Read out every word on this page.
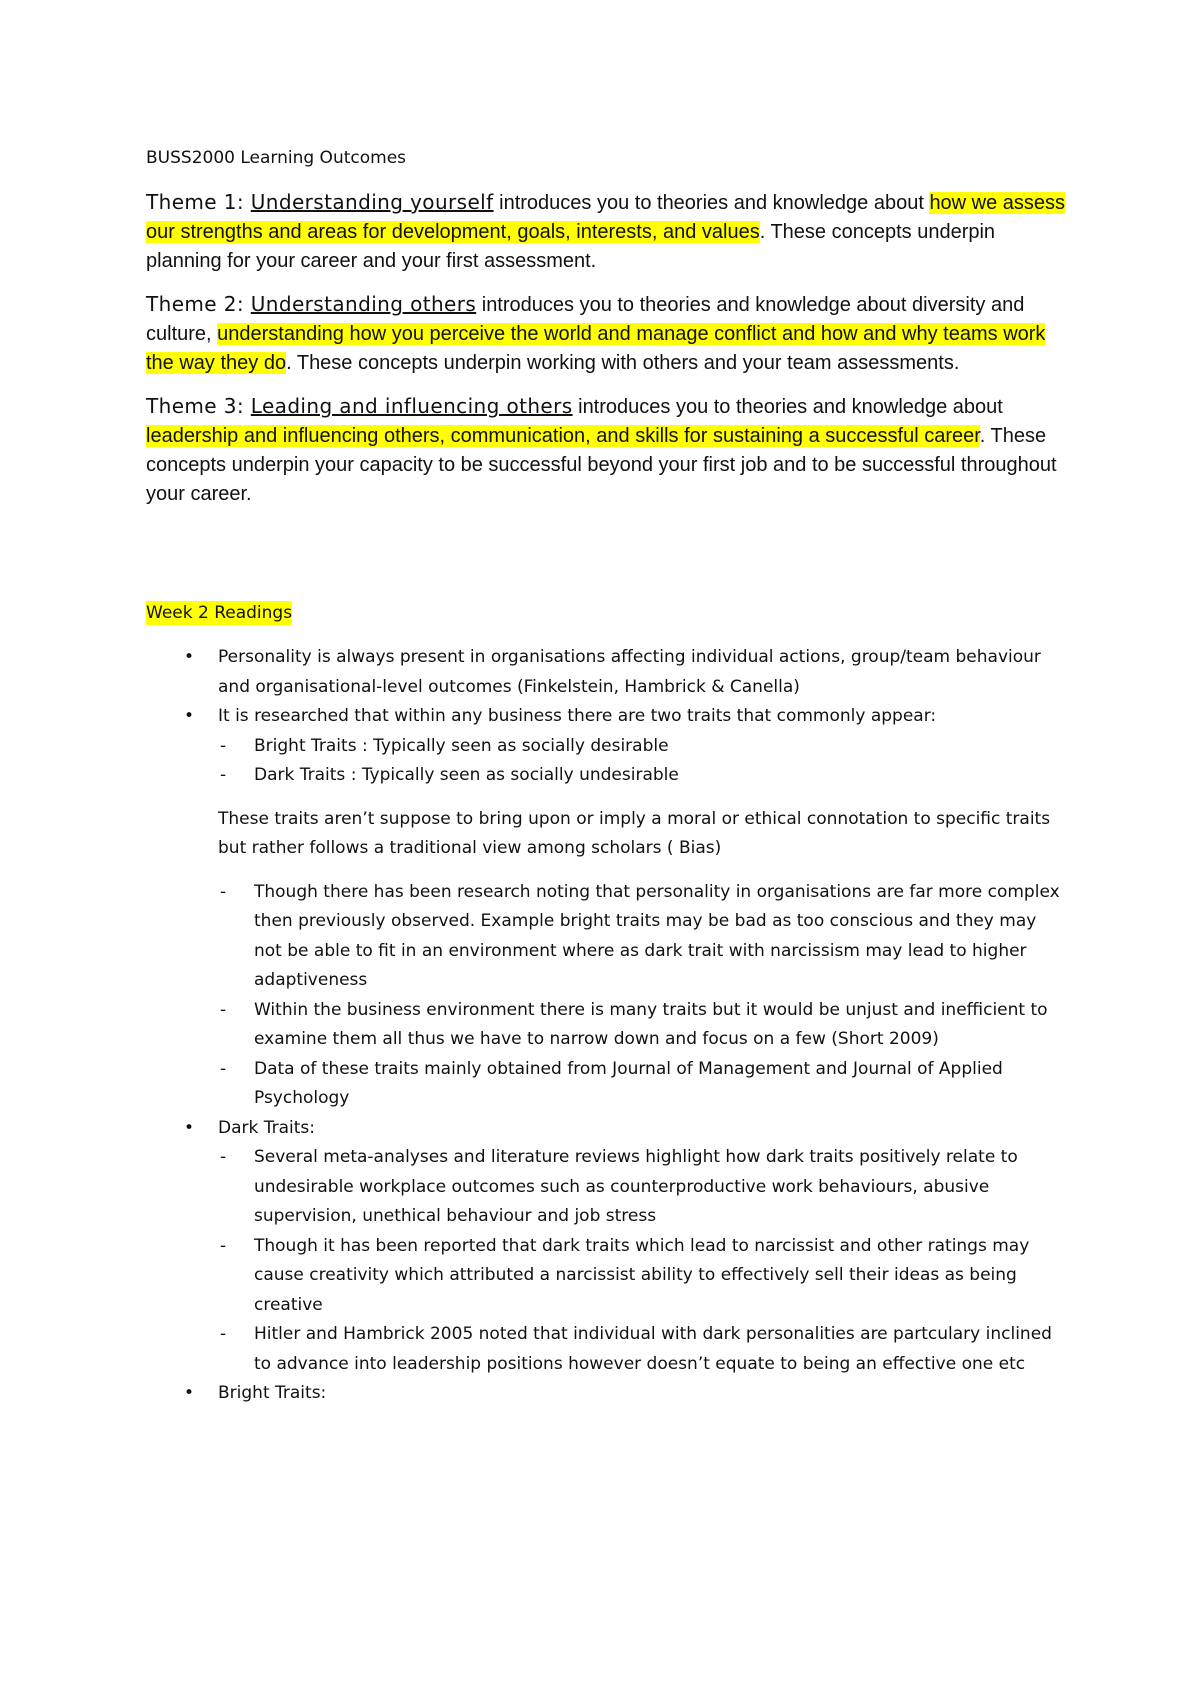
BUSS2000 Learning Outcomes

Theme 1: Understanding yourself introduces you to theories and knowledge about how we assess our strengths and areas for development, goals, interests, and values. These concepts underpin planning for your career and your first assessment.

Theme 2: Understanding others introduces you to theories and knowledge about diversity and culture, understanding how you perceive the world and manage conflict and how and why teams work the way they do. These concepts underpin working with others and your team assessments.

Theme 3: Leading and influencing others introduces you to theories and knowledge about leadership and influencing others, communication, and skills for sustaining a successful career. These concepts underpin your capacity to be successful beyond your first job and to be successful throughout your career.

Week 2 Readings
• Personality is always present in organisations affecting individual actions, group/team behaviour and organisational-level outcomes (Finkelstein, Hambrick & Canella)
• It is researched that within any business there are two traits that commonly appear:
- Bright Traits : Typically seen as socially desirable
- Dark Traits : Typically seen as socially undesirable

These traits aren’t suppose to bring upon or imply a moral or ethical connotation to specific traits but rather follows a traditional view among scholars ( Bias)

- Though there has been research noting that personality in organisations are far more complex then previously observed. Example bright traits may be bad as too conscious and they may not be able to fit in an environment where as dark trait with narcissism may lead to higher adaptiveness
- Within the business environment there is many traits but it would be unjust and inefficient to examine them all thus we have to narrow down and focus on a few (Short 2009)
- Data of these traits mainly obtained from Journal of Management and Journal of Applied Psychology
• Dark Traits:
- Several meta-analyses and literature reviews highlight how dark traits positively relate to undesirable workplace outcomes such as counterproductive work behaviours, abusive supervision, unethical behaviour and job stress
- Though it has been reported that dark traits which lead to narcissist and other ratings may cause creativity which attributed a narcissist ability to effectively sell their ideas as being creative
- Hitler and Hambrick 2005 noted that individual with dark personalities are partculary inclined to advance into leadership positions however doesn’t equate to being an effective one etc
• Bright Traits:
